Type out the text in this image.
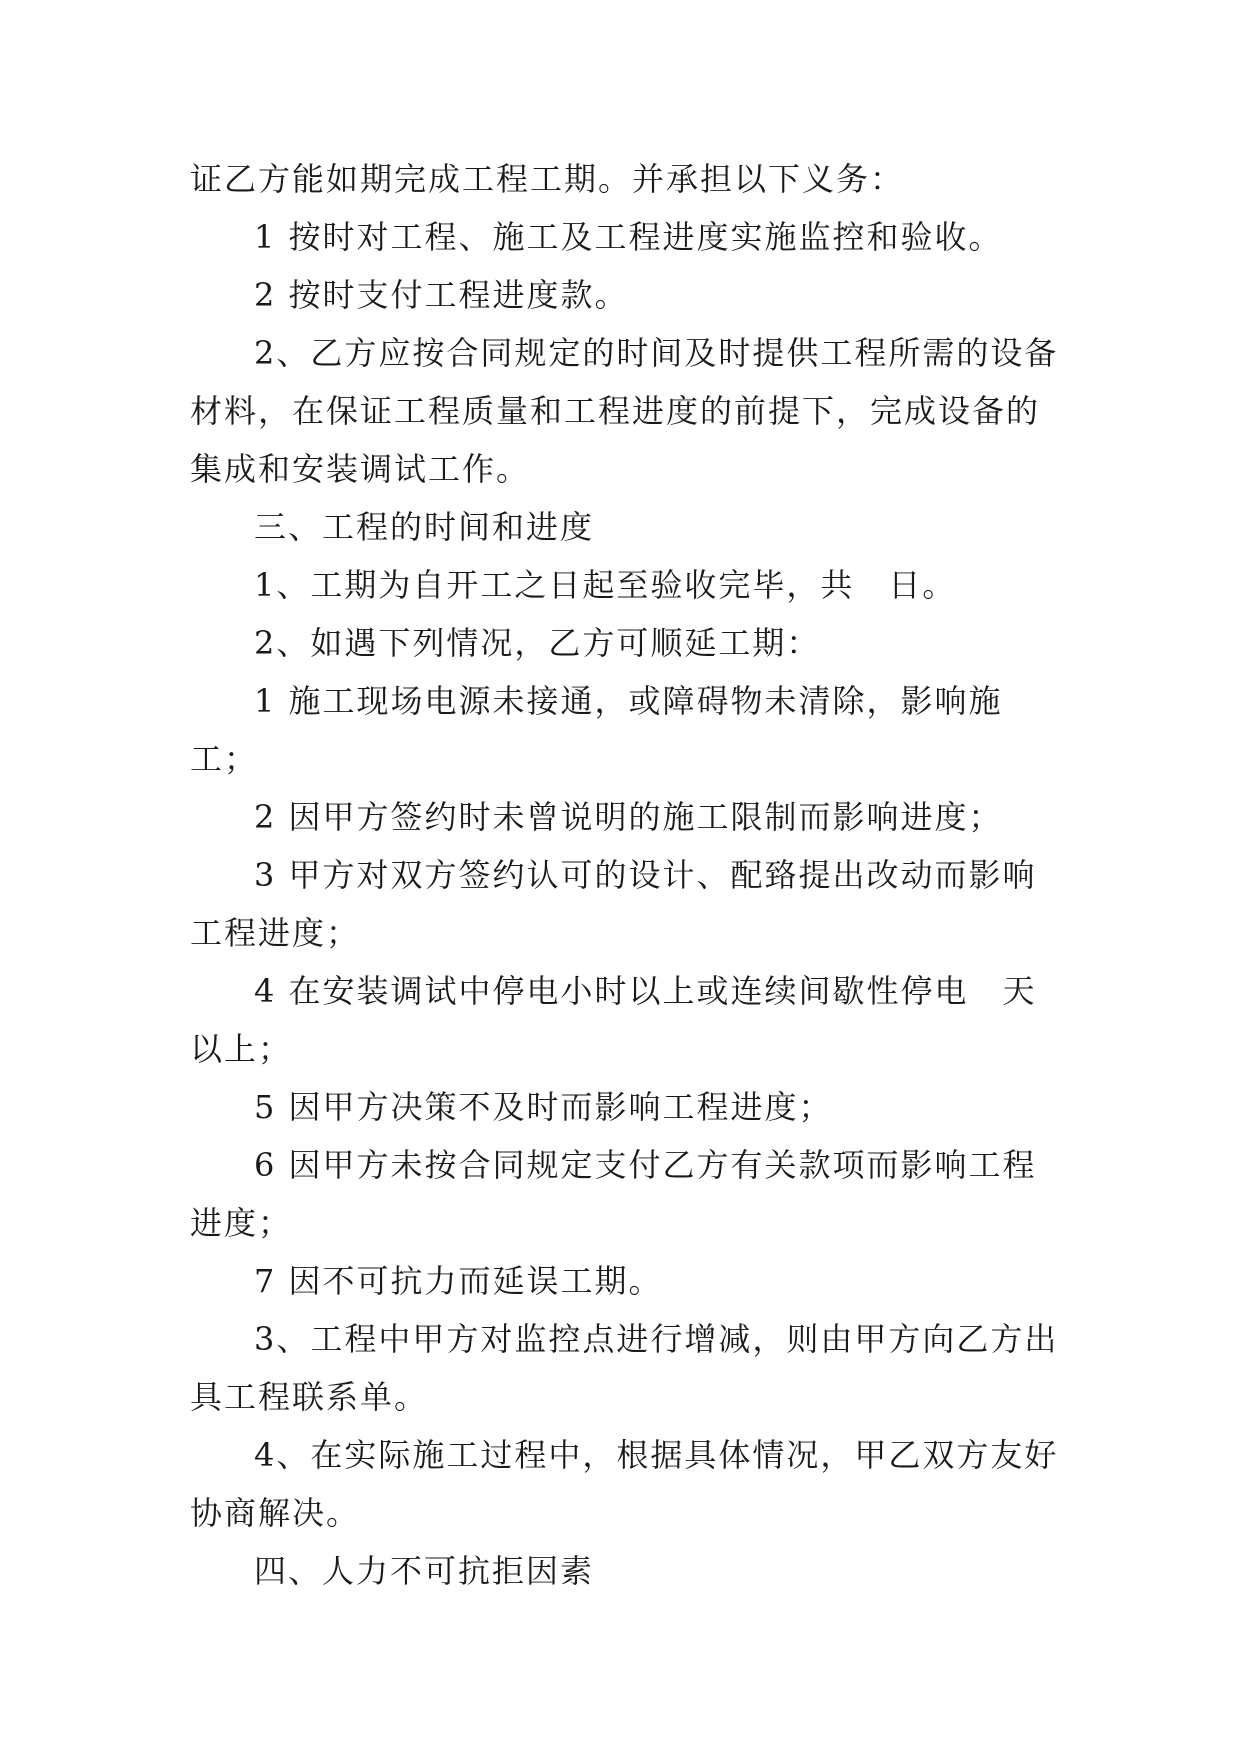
证乙方能如期完成工程工期。并承担以下义务：

1 按时对工程、施工及工程进度实施监控和验收。

2 按时支付工程进度款。

2、乙方应按合同规定的时间及时提供工程所需的设备材料，在保证工程质量和工程进度的前提下，完成设备的集成和安装调试工作。

三、工程的时间和进度

1、工期为自开工之日起至验收完毕，共　日。

2、如遇下列情况，乙方可顺延工期：

1 施工现场电源未接通，或障碍物未清除，影响施工；

2 因甲方签约时未曾说明的施工限制而影响进度；

3 甲方对双方签约认可的设计、配臵提出改动而影响工程进度；

4 在安装调试中停电小时以上或连续间歇性停电　天以上；

5 因甲方决策不及时而影响工程进度；

6 因甲方未按合同规定支付乙方有关款项而影响工程进度；

7 因不可抗力而延误工期。

3、工程中甲方对监控点进行增减，则由甲方向乙方出具工程联系单。

4、在实际施工过程中，根据具体情况，甲乙双方友好协商解决。

四、人力不可抗拒因素
